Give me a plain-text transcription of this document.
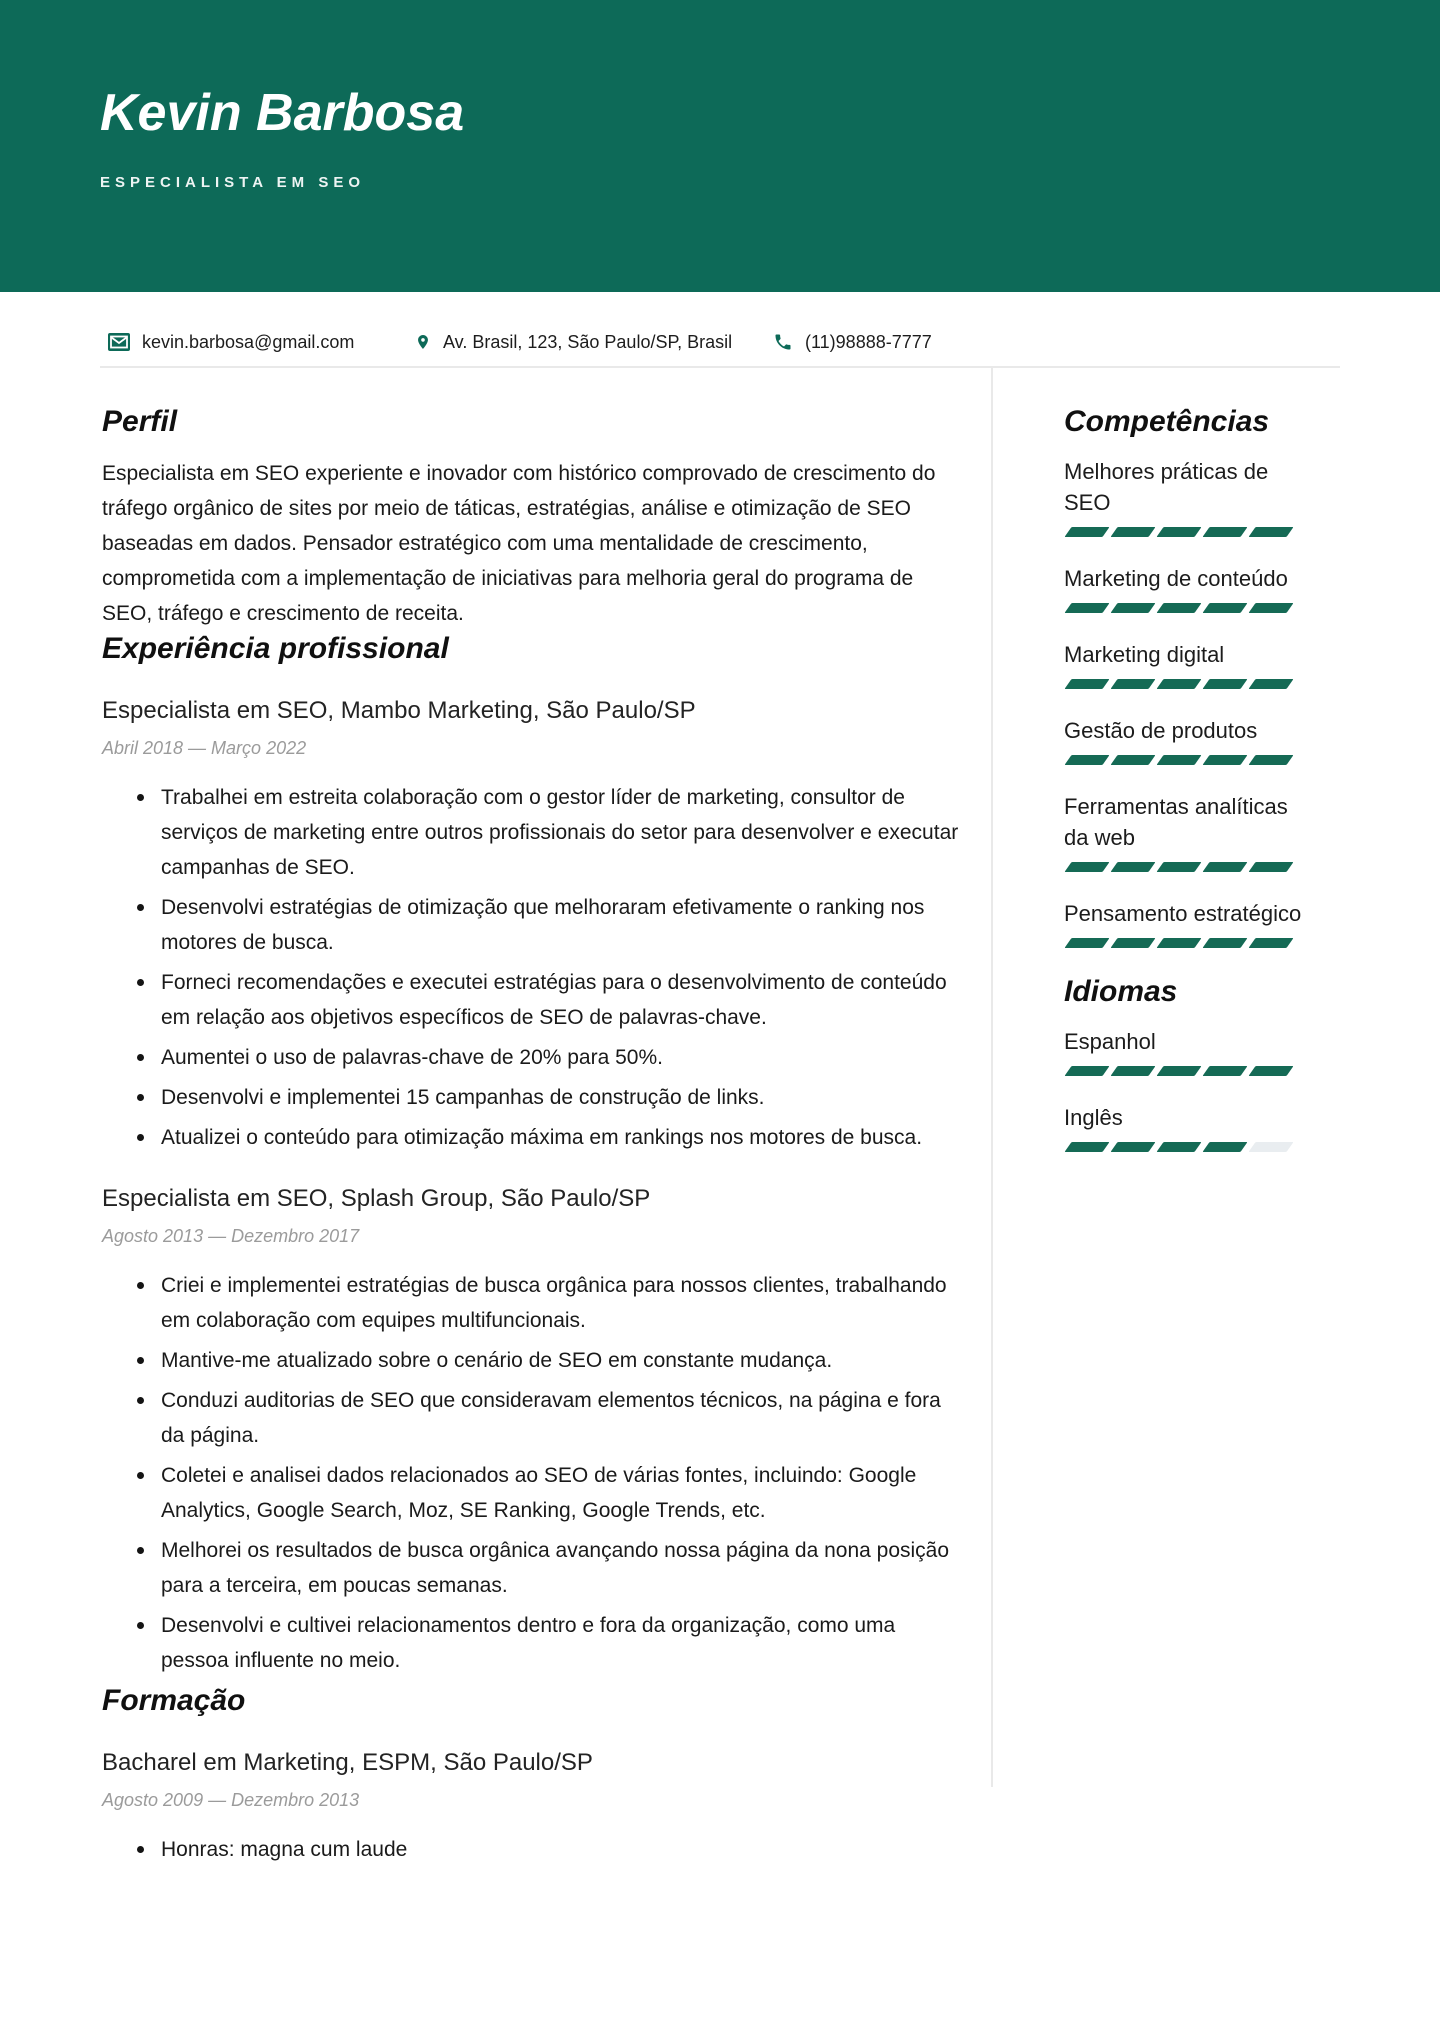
Kevin Barbosa
ESPECIALISTA EM SEO
kevin.barbosa@gmail.com	Av. Brasil, 123, São Paulo/SP, Brasil	(11)98888-7777
Perfil

Especialista em SEO experiente e inovador com histórico comprovado de crescimento do tráfego orgânico de sites por meio de táticas, estratégias, análise e otimização de SEO baseadas em dados. Pensador estratégico com uma mentalidade de crescimento, comprometida com a implementação de iniciativas para melhoria geral do programa de SEO, tráfego e crescimento de receita.

Experiência profissional
Especialista em SEO, Mambo Marketing, São Paulo/SP
Abril 2018 — Março 2022
Trabalhei em estreita colaboração com o gestor líder de marketing, consultor de serviços de marketing entre outros profissionais do setor para desenvolver e executar campanhas de SEO.
Desenvolvi estratégias de otimização que melhoraram efetivamente o ranking nos motores de busca.
Forneci recomendações e executei estratégias para o desenvolvimento de conteúdo em relação aos objetivos específicos de SEO de palavras-chave.
Aumentei o uso de palavras-chave de 20% para 50%.
Desenvolvi e implementei 15 campanhas de construção de links.
Atualizei o conteúdo para otimização máxima em rankings nos motores de busca.
Especialista em SEO, Splash Group, São Paulo/SP
Agosto 2013 — Dezembro 2017
Criei e implementei estratégias de busca orgânica para nossos clientes, trabalhando em colaboração com equipes multifuncionais.
Mantive-me atualizado sobre o cenário de SEO em constante mudança.
Conduzi auditorias de SEO que consideravam elementos técnicos, na página e fora da página.
Coletei e analisei dados relacionados ao SEO de várias fontes, incluindo: Google Analytics, Google Search, Moz, SE Ranking, Google Trends, etc.
Melhorei os resultados de busca orgânica avançando nossa página da nona posição para a terceira, em poucas semanas.
Desenvolvi e cultivei relacionamentos dentro e fora da organização, como uma pessoa influente no meio.
Formação
Bacharel em Marketing, ESPM, São Paulo/SP
Agosto 2009 — Dezembro 2013
Honras: magna cum laude
Competências
Melhores práticas de SEO
Marketing de conteúdo
Marketing digital
Gestão de produtos
Ferramentas analíticas da web
Pensamento estratégico
Idiomas
Espanhol
Inglês
